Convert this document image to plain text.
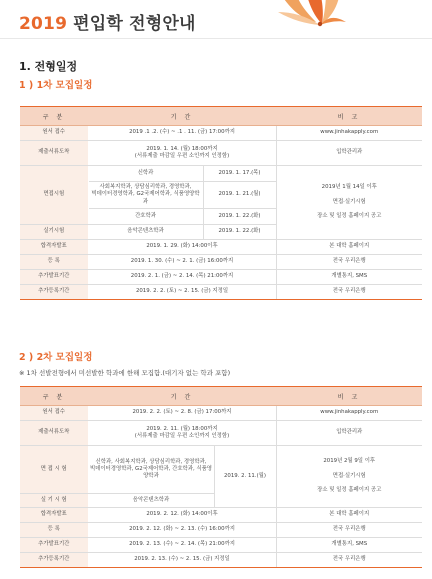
2019 편입학 전형안내
1. 전형일정
1 ) 1차 모집일정
구 분	기 간		비 고
원서 접수	2019 .1 .2. (수) ~ .1 . 11. (금) 17:00까지		www.jinhakapply.com
제출서류도착	2019. 1. 14. (월) 18:00까지
(서류제출 마감일 우편 소인까지 인정함)		입학관리과
면접시험	신학과	2019. 1. 17.(목)	2019년 1월 14일 이후

면접·실기시험

장소 및 일정 홈페이지 공고
	사회복지학과, 상담심리학과, 경영학과,
빅데이터경영학과, G2국제어학과, 식품영양학과	2019. 1. 21.(월)	
	간호학과	2019. 1. 22.(화)	
실기시험	음악콘텐츠학과	2019. 1. 22.(화)	
합격자발표	2019. 1. 29. (화) 14:00이후		본 대학 홈페이지
등 록	2019. 1. 30. (수) ~ 2. 1. (금) 16:00까지		전국 우리은행
추가발표기간	2019. 2. 1. (금) ~ 2. 14. (목) 21:00까지		개별통지, SMS
추가등록기간	2019. 2. 2. (토) ~ 2. 15. (금) 지정일		전국 우리은행
2 ) 2차 모집일정

※ 1차 선발전형에서 미선발한 학과에 한해 모집함.(대기자 없는 학과 포함)

구 분	기 간		비 고
원서 접수	2019. 2. 2. (토) ~ 2. 8. (금) 17:00까지		www.jinhakapply.com
제출서류도착	2019. 2. 11. (월) 18:00까지
(서류제출 마감일 우편 소인까지 인정함)		입학관리과
면 접 시 험	신학과, 사회복지학과, 상담심리학과, 경영학과,
빅데이터경영학과, G2국제어학과, 간호학과, 식품영양학과	2019. 2. 11.(월)	2019년 2월 9일 이후

면접·실기시험

장소 및 일정 홈페이지 공고
실 기 시 험	음악콘텐츠학과		
합격자발표	2019. 2. 12. (화) 14:00이후		본 대학 홈페이지
등 록	2019. 2. 12. (화) ~ 2. 13. (수) 16:00까지		전국 우리은행
추가발표기간	2019. 2. 13. (수) ~ 2. 14. (목) 21:00까지		개별통지, SMS
추가등록기간	2019. 2. 13. (수) ~ 2. 15. (금) 지정일		전국 우리은행
